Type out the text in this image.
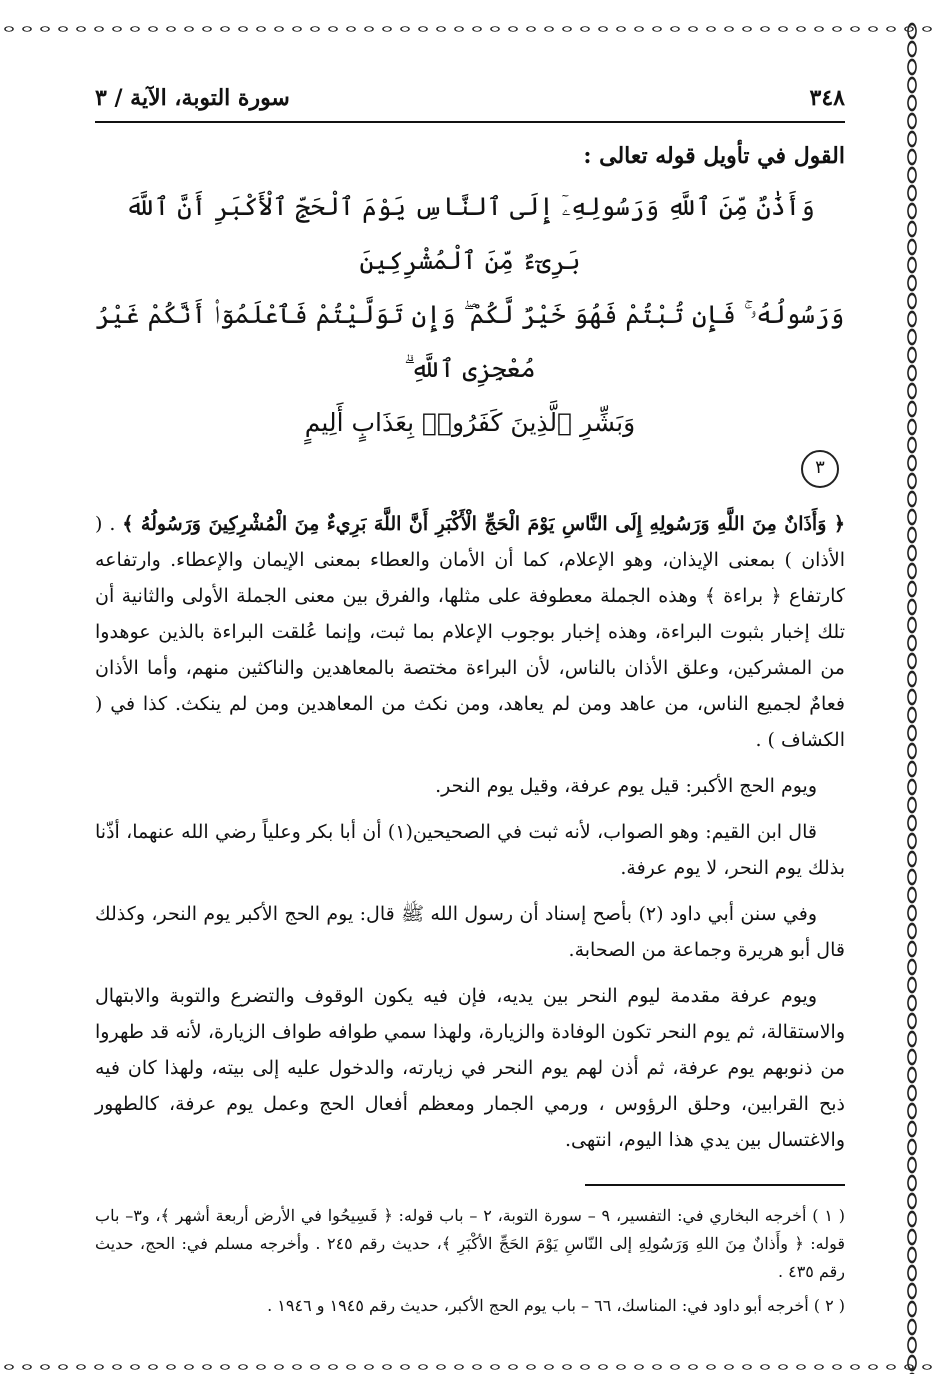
٣٤٨
سورة التوبة، الآية / ٣

القول في تأويل قوله تعالى :

وَأَذَٰنٌ مِّنَ ٱللَّهِ وَرَسُولِهِۦٓ إِلَى ٱلنَّاسِ يَوْمَ ٱلْحَجِّ ٱلْأَكْبَرِ أَنَّ ٱللَّهَ بَرِىٓءٌ مِّنَ ٱلْمُشْرِكِينَ
وَرَسُولُهُۥ ۚ فَإِن تُبْتُمْ فَهُوَ خَيْرٌ لَّكُمْ ۖ وَإِن تَوَلَّيْتُمْ فَٱعْلَمُوٓا۟ أَنَّكُمْ غَيْرُ مُعْجِزِى ٱللَّهِ ۗ
وَبَشِّرِ ٱلَّذِينَ كَفَرُوا۟ بِعَذَابٍ أَلِيمٍ
٣

﴿ وَأَذَانٌ مِنَ اللَّهِ وَرَسُولِهِ إِلَى النَّاسِ يَوْمَ الْحَجِّ الْأَكْبَرِ أَنَّ اللَّهَ بَرِيءٌ مِنَ الْمُشْرِكِينَ وَرَسُولُهُ ﴾ . ( الأذان ) بمعنى الإيذان، وهو الإعلام، كما أن الأمان والعطاء بمعنى الإيمان والإعطاء. وارتفاعه كارتفاع ﴿ براءة ﴾ وهذه الجملة معطوفة على مثلها، والفرق بين معنى الجملة الأولى والثانية أن تلك إخبار بثبوت البراءة، وهذه إخبار بوجوب الإعلام بما ثبت، وإنما عُلقت البراءة بالذين عوهدوا من المشركين، وعلق الأذان بالناس، لأن البراءة مختصة بالمعاهدين والناكثين منهم، وأما الأذان فعامٌ لجميع الناس، من عاهد ومن لم يعاهد، ومن نكث من المعاهدين ومن لم ينكث. كذا في ( الكشاف ) .

ويوم الحج الأكبر: قيل يوم عرفة، وقيل يوم النحر.

قال ابن القيم: وهو الصواب، لأنه ثبت في الصحيحين(١) أن أبا بكر وعلياً رضي الله عنهما، أذّنا بذلك يوم النحر، لا يوم عرفة.

وفي سنن أبي داود (٢) بأصح إسناد أن رسول الله ﷺ قال: يوم الحج الأكبر يوم النحر، وكذلك قال أبو هريرة وجماعة من الصحابة.

ويوم عرفة مقدمة ليوم النحر بين يديه، فإن فيه يكون الوقوف والتضرع والتوبة والابتهال والاستقالة، ثم يوم النحر تكون الوفادة والزيارة، ولهذا سمي طوافه طواف الزيارة، لأنه قد طهروا من ذنوبهم يوم عرفة، ثم أذن لهم يوم النحر في زيارته، والدخول عليه إلى بيته، ولهذا كان فيه ذبح القرابين، وحلق الرؤوس ، ورمي الجمار ومعظم أفعال الحج وعمل يوم عرفة، كالطهور والاغتسال بين يدي هذا اليوم، انتهى.

( ١ ) أخرجه البخاري في: التفسير، ٩ – سورة التوبة، ٢ – باب قوله: ﴿ فَسِيحُوا في الأرض أربعة أشهر ﴾، و٣– باب قوله: ﴿ وأَذانٌ مِنَ اللهِ وَرَسُولِهِ إلى النّاسِ يَوْمَ الحَجِّ الأكْبَرِ ﴾، حديث رقم ٢٤٥ . وأخرجه مسلم في: الحج، حديث رقم ٤٣٥ .

( ٢ ) أخرجه أبو داود في: المناسك، ٦٦ – باب يوم الحج الأكبر، حديث رقم ١٩٤٥ و ١٩٤٦ .
